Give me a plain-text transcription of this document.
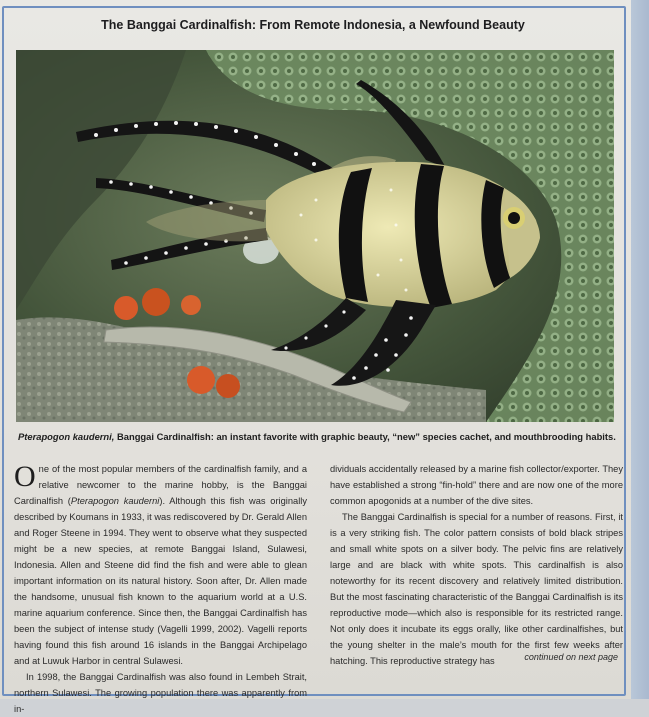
The Banggai Cardinalfish: From Remote Indonesia, a Newfound Beauty
Pterapogon kauderni, Banggai Cardinalfish: an instant favorite with graphic beauty, “new” species cachet, and mouthbrooding habits.

One of the most popular members of the cardinalfish family, and a relative newcomer to the marine hobby, is the Banggai Cardinalfish (Pterapogon kauderni). Although this fish was originally described by Koumans in 1933, it was rediscovered by Dr. Gerald Allen and Roger Steene in 1994. They went to observe what they suspected might be a new species, at remote Banggai Island, Sulawesi, Indonesia. Allen and Steene did find the fish and were able to glean important information on its natural history. Soon after, Dr. Allen made the handsome, unusual fish known to the aquarium world at a U.S. marine aquarium conference. Since then, the Banggai Cardinalfish has been the subject of intense study (Vagelli 1999, 2002). Vagelli reports having found this fish around 16 islands in the Banggai Archipelago and at Luwuk Harbor in central Sulawesi.

In 1998, the Banggai Cardinalfish was also found in Lembeh Strait, northern Sulawesi. The growing population there was apparently from in-

dividuals accidentally released by a marine fish collector/exporter. They have established a strong “fin-hold” there and are now one of the more common apogonids at a number of the dive sites.

The Banggai Cardinalfish is special for a number of reasons. First, it is a very striking fish. The color pattern consists of bold black stripes and small white spots on a silver body. The pelvic fins are relatively large and are black with white spots. This cardinalfish is also noteworthy for its recent discovery and relatively limited distribution. But the most fascinating characteristic of the Banggai Cardinalfish is its reproductive mode—which also is responsible for its restricted range. Not only does it incubate its eggs orally, like other cardinalfishes, but the young shelter in the male’s mouth for the first few weeks after hatching. This reproductive strategy has	continued on next page
